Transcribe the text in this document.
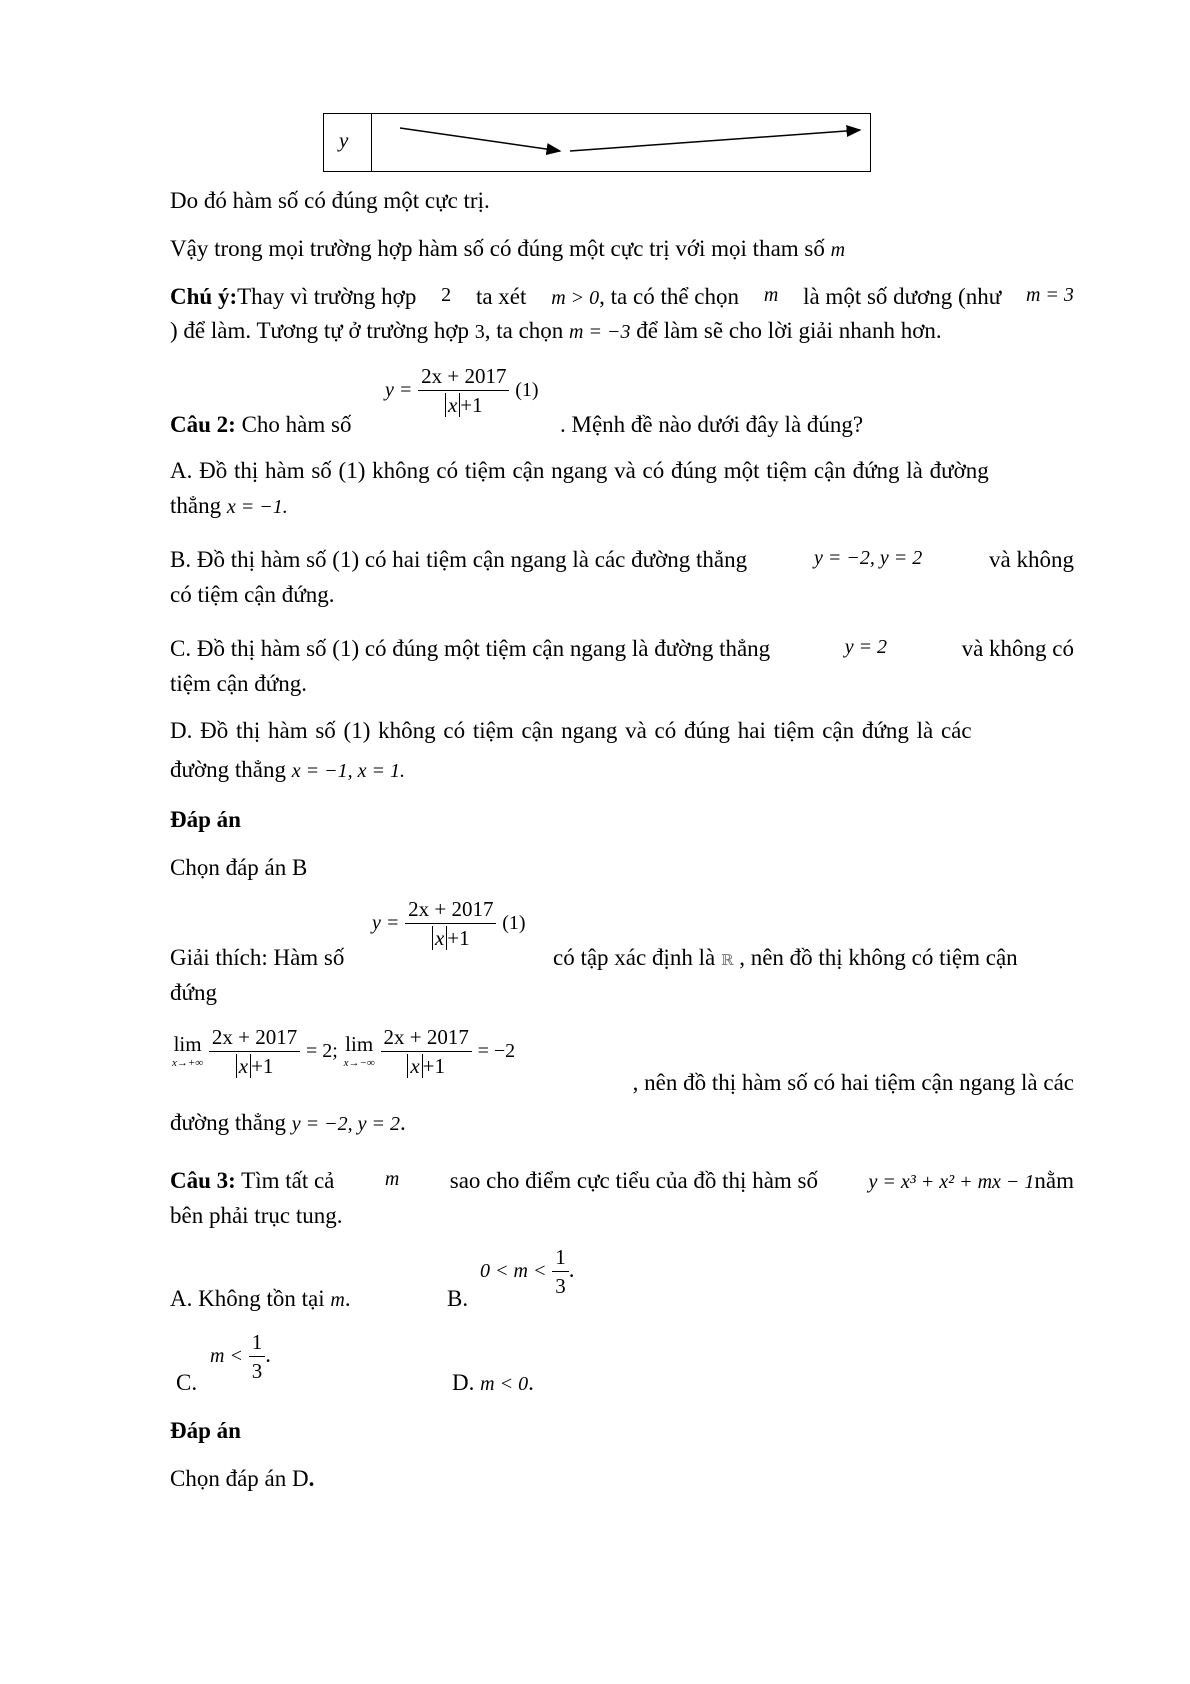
y
Do đó hàm số có đúng một cực trị.
Vậy trong mọi trường hợp hàm số có đúng một cực trị với mọi tham số m
Chú ý:Thay vì trường hợp 2 ta xét m > 0, ta có thể chọn m là một số dương (như m = 3
) để làm. Tương tự ở trường hợp 3, ta chọn m = −3 để làm sẽ cho lời giải nhanh hơn.
Câu 2: Cho hàm số
$y = \frac{2x + 2017}{x +1} (1)$
. Mệnh đề nào dưới đây là đúng?
A. Đồ thị hàm số (1) không có tiệm cận ngang và có đúng một tiệm cận đứng là đường
thẳng x = −1.
B. Đồ thị hàm số (1) có hai tiệm cận ngang là các đường thẳng	y = −2, y = 2	và không
có tiệm cận đứng.
C. Đồ thị hàm số (1) có đúng một tiệm cận ngang là đường thẳng	y = 2	và không có
tiệm cận đứng.
D. Đồ thị hàm số (1) không có tiệm cận ngang và có đúng hai tiệm cận đứng là các
đường thẳng x = −1, x = 1.
Đáp án
Chọn đáp án B
Giải thích: Hàm số
$y = \frac{2x + 2017}{x +1} (1)$
có tập xác định là ℝ , nên đồ thị không có tiệm cận
đứng
lim
x→+∞
$\frac{2x + 2017}{x +1} = 2$; lim
x→−∞
$\frac{2x + 2017}{x +1} = -2$
, nên đồ thị hàm số có hai tiệm cận ngang là các
đường thẳng y = −2, y = 2.
Câu 3: Tìm tất cả	m sao cho điểm cực tiểu của đồ thị hàm số	y = x³ + x² + mx − 1nằm
bên phải trục tung.
A. Không tồn tại m.	B.
$0 < m < \frac{1}{3}$ .
C.
$m < \frac{1}{3}$ .
D. m < 0.
Đáp án
Chọn đáp án D.
